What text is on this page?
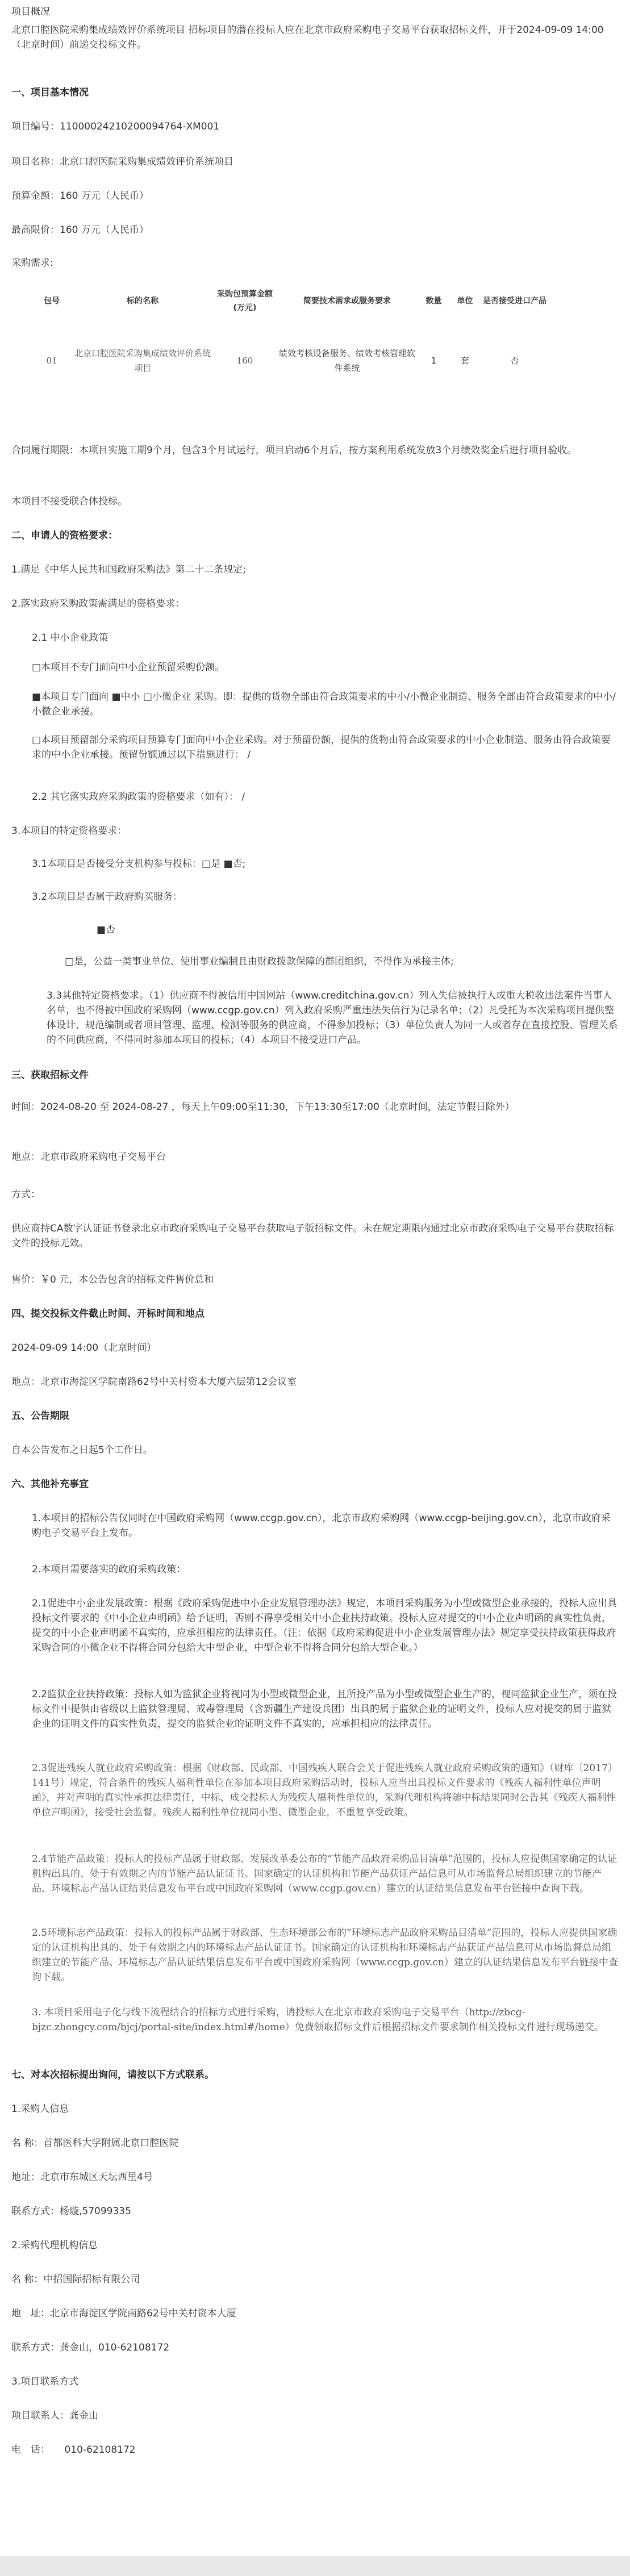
项目概况
北京口腔医院采购集成绩效评价系统项目 招标项目的潜在投标人应在北京市政府采购电子交易平台获取招标文件，并于2024-09-09 14:00（北京时间）前递交投标文件。
一、项目基本情况
项目编号：11000024210200094764-XM001
项目名称：北京口腔医院采购集成绩效评价系统项目
预算金额：160 万元（人民币）
最高限价：160 万元（人民币）
采购需求:
包号	标的名称	采购包预算金额(万元)	简要技术需求或服务要求	数量	单位	是否接受进口产品
01	北京口腔医院采购集成绩效评价系统项目	160	绩效考核设备服务、绩效考核管理软件系统	1	套	否
合同履行期限：本项目实施工期9个月，包含3个月试运行，项目启动6个月后，按方案利用系统发放3个月绩效奖金后进行项目验收。
本项目不接受联合体投标。
二、申请人的资格要求：
1.满足《中华人民共和国政府采购法》第二十二条规定;
2.落实政府采购政策需满足的资格要求：
2.1 中小企业政策
□本项目不专门面向中小企业预留采购份额。
■本项目专门面向 ■中小 □小微企业 采购。即：提供的货物全部由符合政策要求的中小/小微企业制造、服务全部由符合政策要求的中小/小微企业承接。
□本项目预留部分采购项目预算专门面向中小企业采购。对于预留份额，提供的货物由符合政策要求的中小企业制造、服务由符合政策要求的中小企业承接。预留份额通过以下措施进行： /
2.2 其它落实政府采购政策的资格要求（如有）： /
3.本项目的特定资格要求：
3.1本项目是否接受分支机构参与投标：□是 ■否;
3.2本项目是否属于政府购买服务：
■否
□是，公益一类事业单位、使用事业编制且由财政拨款保障的群团组织，不得作为承接主体;
3.3其他特定资格要求。（1）供应商不得被信用中国网站（www.creditchina.gov.cn）列入失信被执行人或重大税收违法案件当事人名单，也不得被中国政府采购网（www.ccgp.gov.cn）列入政府采购严重违法失信行为记录名单；（2）凡受托为本次采购项目提供整体设计、规范编制或者项目管理、监理、检测等服务的供应商，不得参加投标；（3）单位负责人为同一人或者存在直接控股、管理关系的不同供应商，不得同时参加本项目的投标；（4）本项目不接受进口产品。
三、获取招标文件
时间：2024-08-20 至 2024-08-27 ，每天上午09:00至11:30，下午13:30至17:00（北京时间，法定节假日除外）
地点：北京市政府采购电子交易平台
方式：
供应商持CA数字认证证书登录北京市政府采购电子交易平台获取电子版招标文件。未在规定期限内通过北京市政府采购电子交易平台获取招标文件的投标无效。
售价：￥0 元，本公告包含的招标文件售价总和
四、提交投标文件截止时间、开标时间和地点
2024-09-09 14:00（北京时间）
地点：北京市海淀区学院南路62号中关村资本大厦六层第12会议室
五、公告期限
自本公告发布之日起5个工作日。
六、其他补充事宜
1.本项目的招标公告仅同时在中国政府采购网（www.ccgp.gov.cn），北京市政府采购网（www.ccgp-beijing.gov.cn），北京市政府采购电子交易平台上发布。
2.本项目需要落实的政府采购政策：
2.1促进中小企业发展政策：根据《政府采购促进中小企业发展管理办法》规定，本项目采购服务为小型或微型企业承接的，投标人应出具投标文件要求的《中小企业声明函》给予证明，否则不得享受相关中小企业扶持政策。投标人应对提交的中小企业声明函的真实性负责，提交的中小企业声明函不真实的，应承担相应的法律责任。（注：依据《政府采购促进中小企业发展管理办法》规定享受扶持政策获得政府采购合同的小微企业不得将合同分包给大中型企业，中型企业不得将合同分包给大型企业。）
2.2监狱企业扶持政策：投标人如为监狱企业将视同为小型或微型企业，且所投产品为小型或微型企业生产的，视同监狱企业生产，须在投标文件中提供由省级以上监狱管理局、戒毒管理局（含新疆生产建设兵团）出具的属于监狱企业的证明文件，投标人应对提交的属于监狱企业的证明文件的真实性负责，提交的监狱企业的证明文件不真实的，应承担相应的法律责任。
2.3促进残疾人就业政府采购政策：根据《财政部、民政部、中国残疾人联合会关于促进残疾人就业政府采购政策的通知》（财库〔2017〕141号）规定，符合条件的残疾人福利性单位在参加本项目政府采购活动时，投标人应当出具投标文件要求的《残疾人福利性单位声明函》，并对声明的真实性承担法律责任，中标、成交投标人为残疾人福利性单位的，采购代理机构将随中标结果同时公告其《残疾人福利性单位声明函》，接受社会监督。残疾人福利性单位视同小型、微型企业，不重复享受政策。
2.4节能产品政策：投标人的投标产品属于财政部、发展改革委公布的“节能产品政府采购品目清单”范围的，投标人应提供国家确定的认证机构出具的、处于有效期之内的节能产品认证证书。国家确定的认证机构和节能产品获证产品信息可从市场监督总局组织建立的节能产品、环境标志产品认证结果信息发布平台或中国政府采购网（www.ccgp.gov.cn）建立的认证结果信息发布平台链接中查询下载。
2.5环境标志产品政策：投标人的投标产品属于财政部、生态环境部公布的“环境标志产品政府采购品目清单”范围的，投标人应提供国家确定的认证机构出具的、处于有效期之内的环境标志产品认证证书。国家确定的认证机构和环境标志产品获证产品信息可从市场监督总局组织建立的节能产品、环境标志产品认证结果信息发布平台或中国政府采购网（www.ccgp.gov.cn）建立的认证结果信息发布平台链接中查询下载。
3. 本项目采用电子化与线下流程结合的招标方式进行采购，请投标人在北京市政府采购电子交易平台（http://zbcg-bjzc.zhongcy.com/bjcj/portal-site/index.html#/home）免费领取招标文件后根据招标文件要求制作相关投标文件进行现场递交。
七、对本次招标提出询问，请按以下方式联系。
1.采购人信息
名 称：首都医科大学附属北京口腔医院
地址：北京市东城区天坛西里4号
联系方式：杨璇,57099335
2.采购代理机构信息
名 称：中招国际招标有限公司
地　址：北京市海淀区学院南路62号中关村资本大厦
联系方式：龚金山，010-62108172
3.项目联系方式
项目联系人：龚金山
电　话：　　010-62108172
